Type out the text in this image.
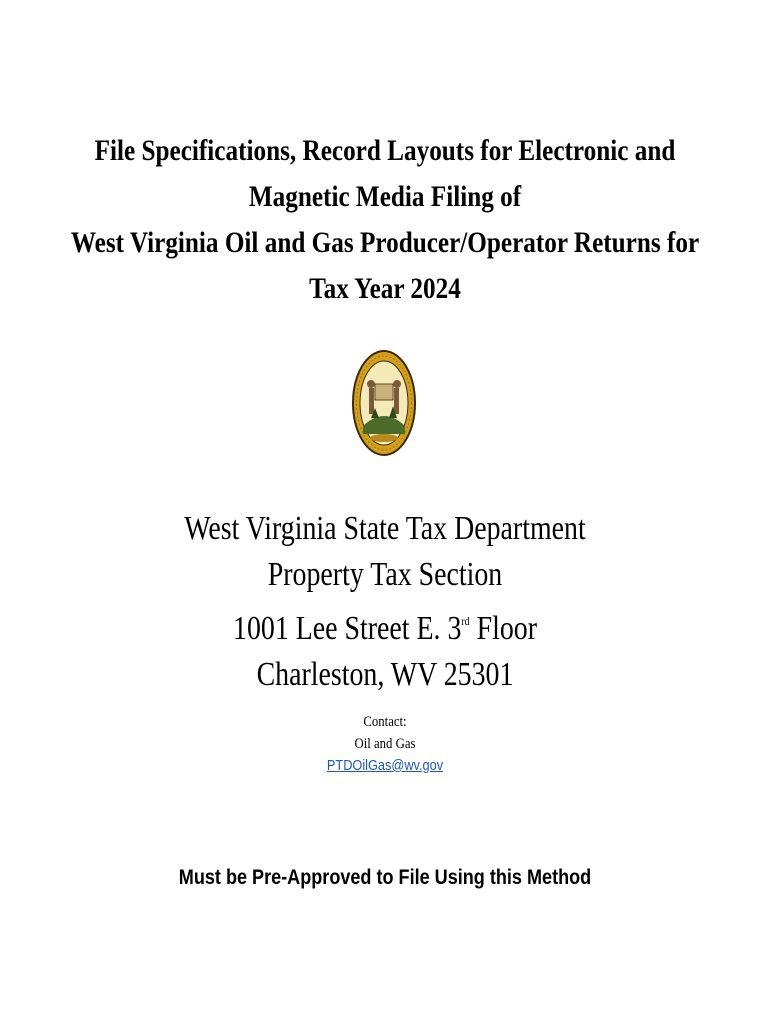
File Specifications, Record Layouts for Electronic and
Magnetic Media Filing of
West Virginia Oil and Gas Producer/Operator Returns for
Tax Year 2024
West Virginia State Tax Department
Property Tax Section
1001 Lee Street E. 3rd Floor
Charleston, WV 25301
Contact:
Oil and Gas
PTDOilGas@wv.gov
Must be Pre-Approved to File Using this Method
